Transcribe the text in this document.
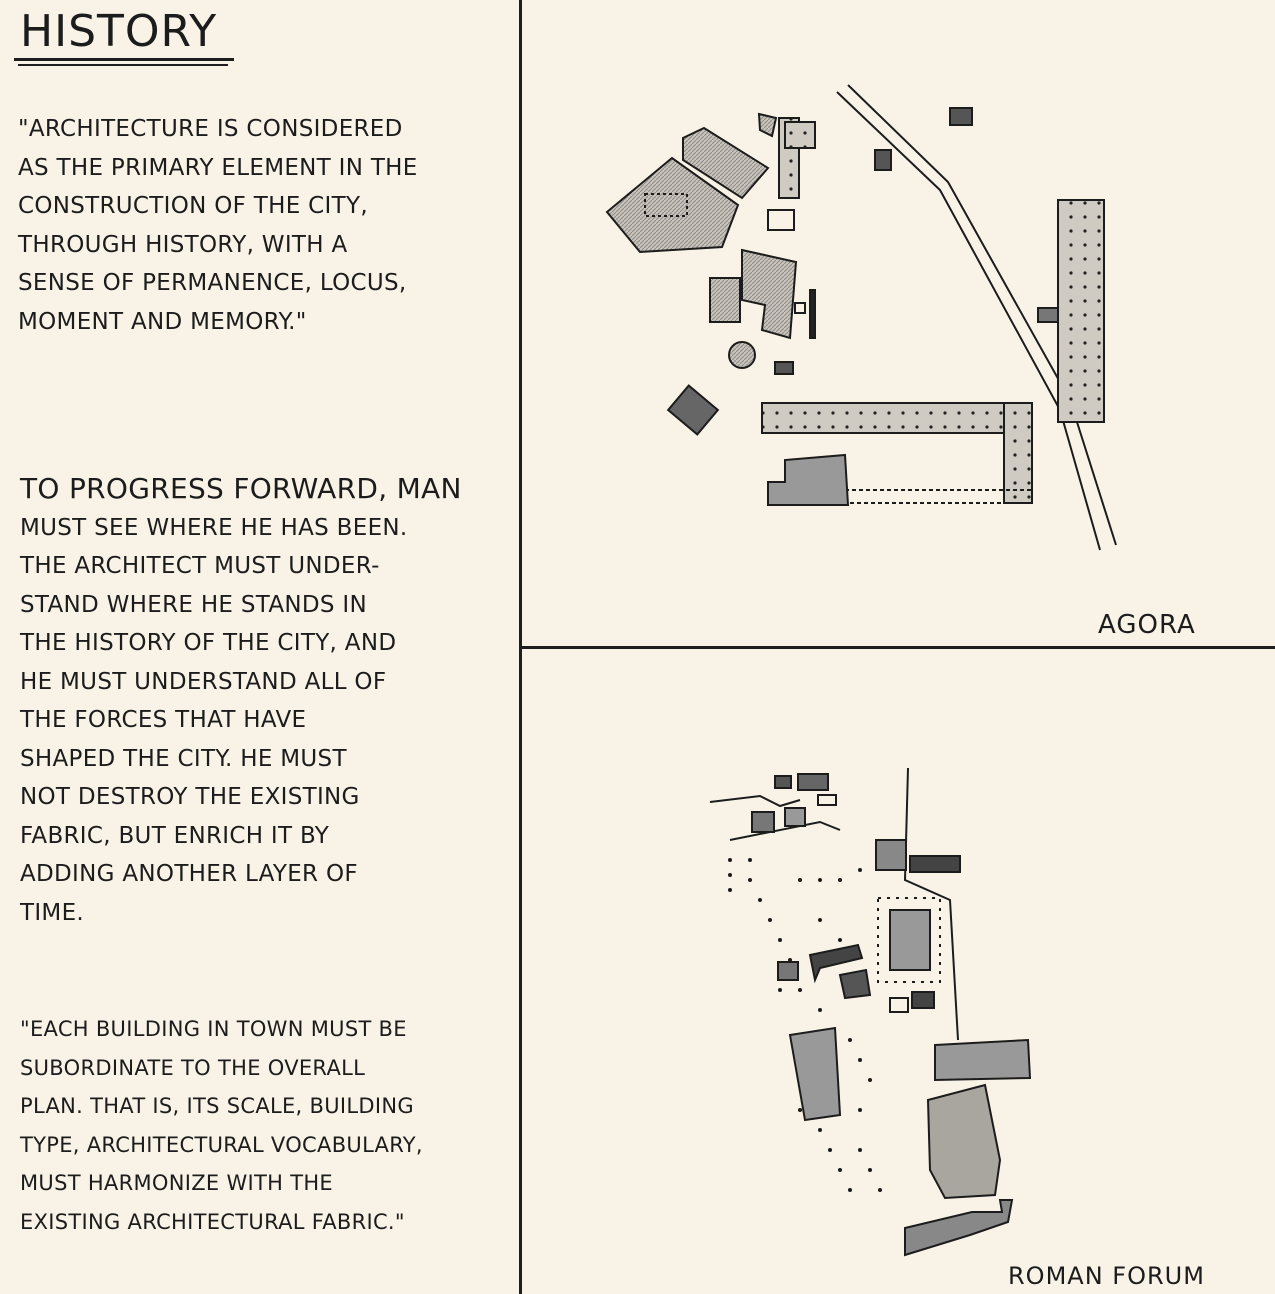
HISTORY

"ARCHITECTURE IS CONSIDERED
AS THE PRIMARY ELEMENT IN THE
CONSTRUCTION OF THE CITY,
THROUGH HISTORY, WITH A
SENSE OF PERMANENCE, LOCUS,
MOMENT AND MEMORY."

TO PROGRESS FORWARD, MAN
MUST SEE WHERE HE HAS BEEN.
THE ARCHITECT MUST UNDER-
STAND WHERE HE STANDS IN
THE HISTORY OF THE CITY, AND
HE MUST UNDERSTAND ALL OF
THE FORCES THAT HAVE
SHAPED THE CITY. HE MUST
NOT DESTROY THE EXISTING
FABRIC, BUT ENRICH IT BY
ADDING ANOTHER LAYER OF
TIME.

"EACH BUILDING IN TOWN MUST BE
SUBORDINATE TO THE OVERALL
PLAN. THAT IS, ITS SCALE, BUILDING
TYPE, ARCHITECTURAL VOCABULARY,
MUST HARMONIZE WITH THE
EXISTING ARCHITECTURAL FABRIC."

AGORA
ROMAN FORUM
